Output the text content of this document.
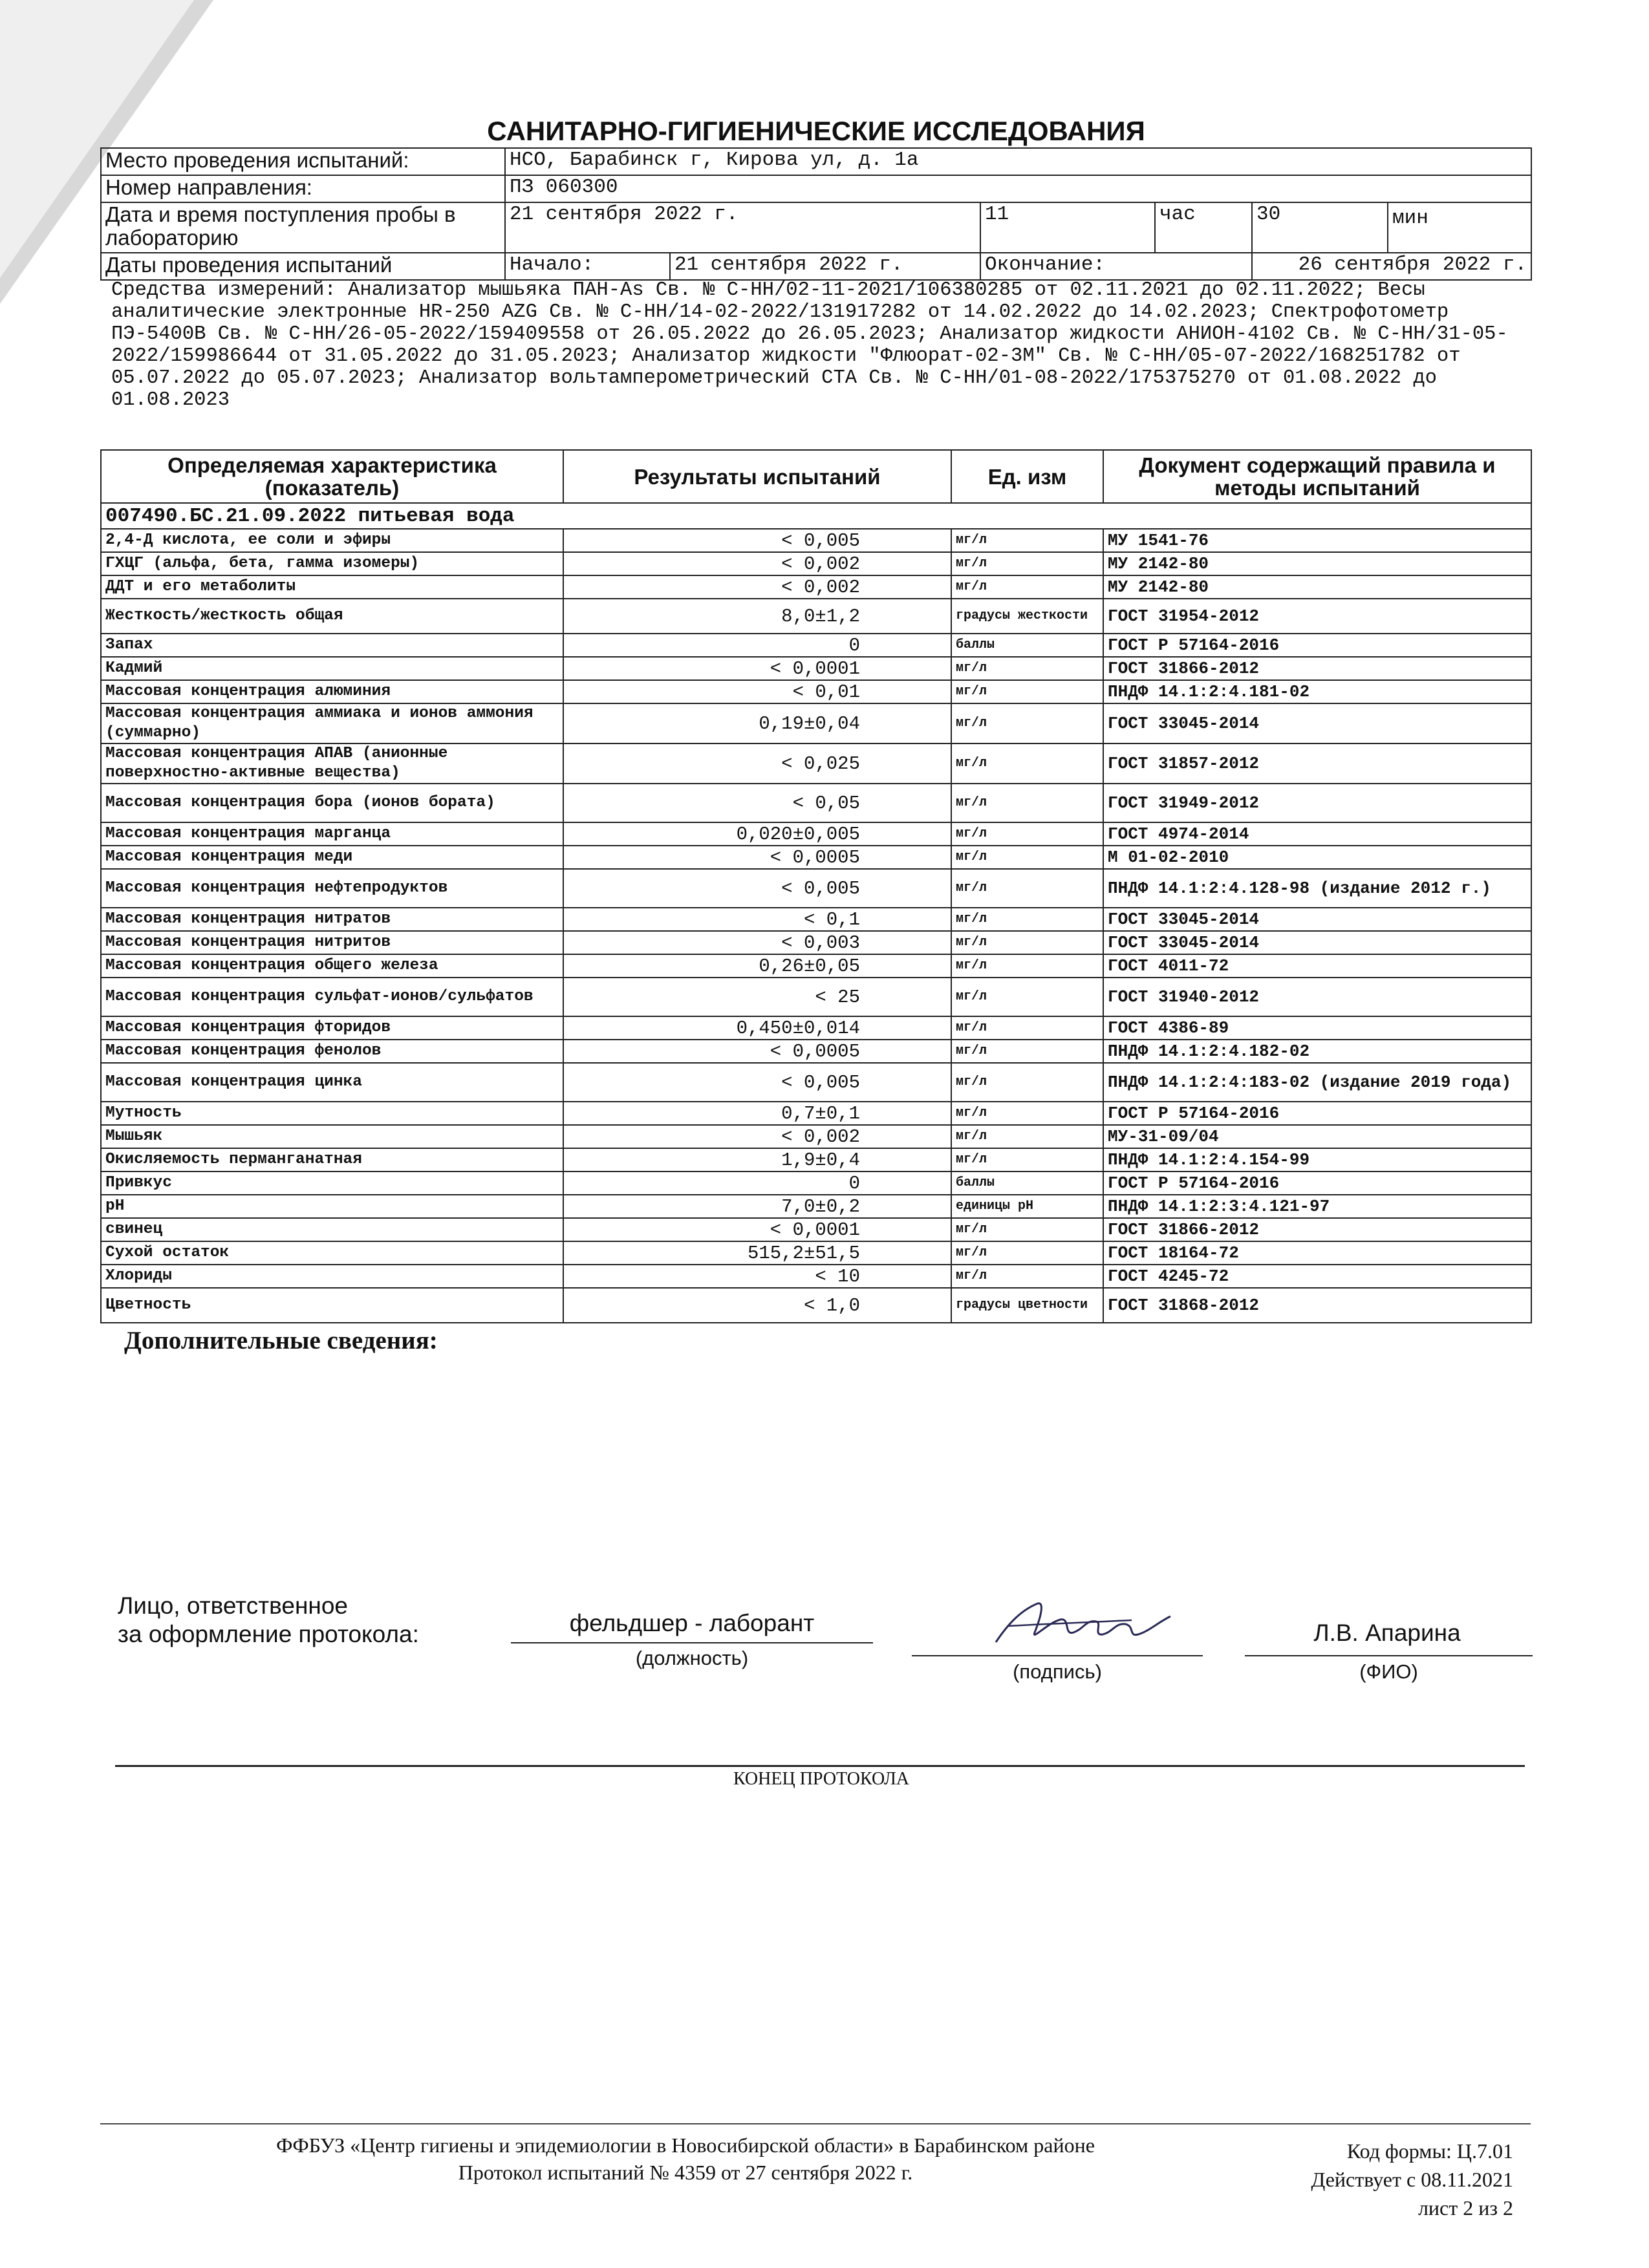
САНИТАРНО-ГИГИЕНИЧЕСКИЕ ИССЛЕДОВАНИЯ						
Место проведения испытаний:	НСО, Барабинск г, Кирова ул, д. 1а					
Номер направления:	ПЗ 060300					
Дата и время поступления пробы в лабораторию	21 сентября 2022 г.		11	час	30	мин
Даты проведения испытаний	Начало:	21 сентября 2022 г.	Окончание:		26 сентября 2022 г.	
Средства измерений: Анализатор мышьяка ПАН-As Св. № С-НН/02-11-2021/106380285 от 02.11.2021 до 02.11.2022; Весы аналитические электронные HR-250 AZG Св. № С-НН/14-02-2022/131917282 от 14.02.2022 до 14.02.2023; Спектрофотометр ПЭ-5400В Св. № С-НН/26-05-2022/159409558 от 26.05.2022 до 26.05.2023; Анализатор жидкости АНИОН-4102 Св. № С-НН/31-05-2022/159986644 от 31.05.2022 до 31.05.2023; Анализатор жидкости "Флюорат-02-3М" Св. № С-НН/05-07-2022/168251782 от 05.07.2022 до 05.07.2023; Анализатор вольтамперометрический СТА Св. № С-НН/01-08-2022/175375270 от 01.08.2022 до 01.08.2023
Определяемая характеристика (показатель)	Результаты испытаний	Ед. изм	Документ содержащий правила и методы испытаний
007490.БС.21.09.2022 питьевая вода			
2,4-Д кислота, ее соли и эфиры	< 0,005	мг/л	МУ 1541-76
ГХЦГ (альфа, бета, гамма изомеры)	< 0,002	мг/л	МУ 2142-80
ДДТ и его метаболиты	< 0,002	мг/л	МУ 2142-80
Жесткость/жесткость общая	8,0±1,2	градусы жесткости	ГОСТ 31954-2012
Запах	0	баллы	ГОСТ Р 57164-2016
Кадмий	< 0,0001	мг/л	ГОСТ 31866-2012
Массовая концентрация алюминия	< 0,01	мг/л	ПНДФ 14.1:2:4.181-02
Массовая концентрация аммиака и ионов аммония (суммарно)	0,19±0,04	мг/л	ГОСТ 33045-2014
Массовая концентрация АПАВ (анионные поверхностно-активные вещества)	< 0,025	мг/л	ГОСТ 31857-2012
Массовая концентрация бора (ионов бората)	< 0,05	мг/л	ГОСТ 31949-2012
Массовая концентрация марганца	0,020±0,005	мг/л	ГОСТ 4974-2014
Массовая концентрация меди	< 0,0005	мг/л	М 01-02-2010
Массовая концентрация нефтепродуктов	< 0,005	мг/л	ПНДФ 14.1:2:4.128-98 (издание 2012 г.)
Массовая концентрация нитратов	< 0,1	мг/л	ГОСТ 33045-2014
Массовая концентрация нитритов	< 0,003	мг/л	ГОСТ 33045-2014
Массовая концентрация общего железа	0,26±0,05	мг/л	ГОСТ 4011-72
Массовая концентрация сульфат-ионов/сульфатов	< 25	мг/л	ГОСТ 31940-2012
Массовая концентрация фторидов	0,450±0,014	мг/л	ГОСТ 4386-89
Массовая концентрация фенолов	< 0,0005	мг/л	ПНДФ 14.1:2:4.182-02
Массовая концентрация цинка	< 0,005	мг/л	ПНДФ 14.1:2:4:183-02 (издание 2019 года)
Мутность	0,7±0,1	мг/л	ГОСТ Р 57164-2016
Мышьяк	< 0,002	мг/л	МУ-31-09/04
Окисляемость перманганатная	1,9±0,4	мг/л	ПНДФ 14.1:2:4.154-99
Привкус	0	баллы	ГОСТ Р 57164-2016
pH	7,0±0,2	единицы pH	ПНДФ 14.1:2:3:4.121-97
свинец	< 0,0001	мг/л	ГОСТ 31866-2012
Сухой остаток	515,2±51,5	мг/л	ГОСТ 18164-72
Хлориды	< 10	мг/л	ГОСТ 4245-72
Цветность	< 1,0	градусы цветности	ГОСТ 31868-2012
Дополнительные сведения:
Лицо, ответственное
за оформление протокола:	фельдшер - лаборант
(должность)
(подпись)
Л.В. Апарина
(ФИО)
КОНЕЦ ПРОТОКОЛА
ФФБУЗ «Центр гигиены и эпидемиологии в Новосибирской области» в Барабинском районе
Протокол испытаний № 4359 от 27 сентября 2022 г.
Код формы: Ц.7.01
Действует с 08.11.2021
лист 2 из 2
